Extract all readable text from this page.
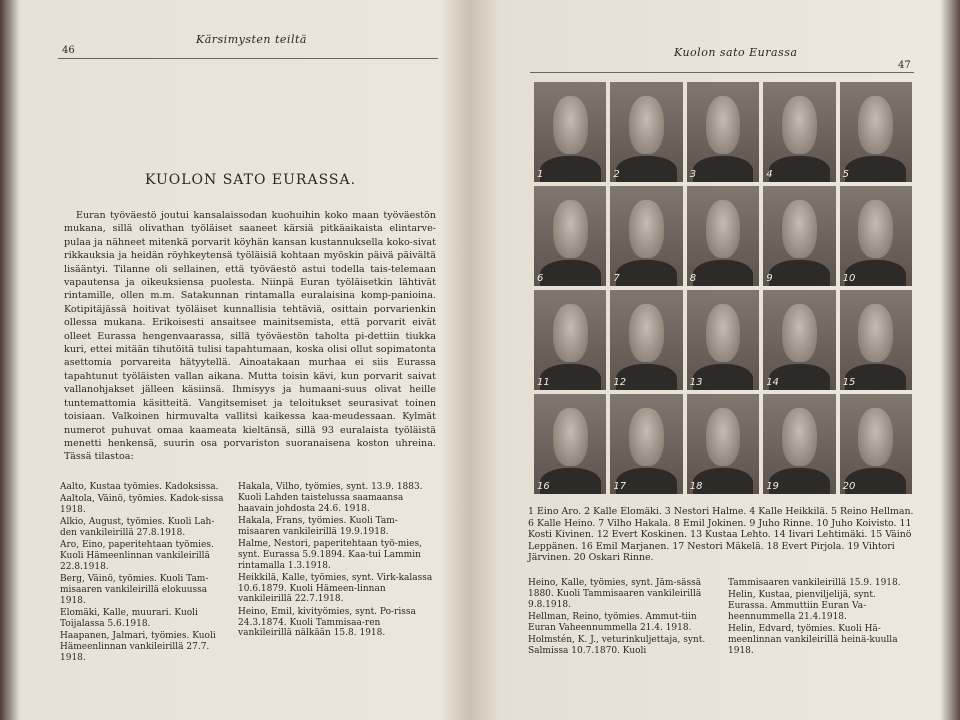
46
Kärsimysten teiltä
KUOLON SATO EURASSA.

Euran työväestö joutui kansalaissodan kuohuihin koko maan työväestön mukana, sillä olivathan työläiset saaneet kärsiä pitkäaikaista elintarve-pulaa ja nähneet mitenkä porvarit köyhän kansan kustannuksella koko-sivat rikkauksia ja heidän röyhkeytensä työläisiä kohtaan myöskin päivä päivältä lisääntyi. Tilanne oli sellainen, että työväestö astui todella tais-telemaan vapautensa ja oikeuksiensa puolesta. Niinpä Euran työläisetkin lähtivät rintamille, ollen m.m. Satakunnan rintamalla euralaisina komp-panioina. Kotipitäjässä hoitivat työläiset kunnallisia tehtäviä, osittain porvarienkin ollessa mukana. Erikoisesti ansaitsee mainitsemista, että porvarit eivät olleet Eurassa hengenvaarassa, sillä työväestön taholta pi-dettiin tiukka kuri, ettei mitään tihutöitä tulisi tapahtumaan, koska olisi ollut sopimatonta asettomia porvareita hätyytellä. Ainoatakaan murhaa ei siis Eurassa tapahtunut työläisten vallan aikana. Mutta toisin kävi, kun porvarit saivat vallanohjakset jälleen käsiinsä. Ihmisyys ja humaani-suus olivat heille tuntemattomia käsitteitä. Vangitsemiset ja teloitukset seurasivat toinen toisiaan. Valkoinen hirmuvalta vallitsi kaikessa kaa-meudessaan. Kylmät numerot puhuvat omaa kaameata kieltänsä, sillä 93 euralaista työläistä menetti henkensä, suurin osa porvariston suoranaisena koston uhreina. Tässä tilastoa:

Aalto, Kustaa työmies. Kadoksissa.
Aaltola, Väinö, työmies. Kadok-sissa 1918.
Alkio, August, työmies. Kuoli Lah-den vankileirillä 27.8.1918.
Aro, Eino, paperitehtaan työmies. Kuoli Hämeenlinnan vankileirillä 22.8.1918.
Berg, Väinö, työmies. Kuoli Tam-misaaren vankileirillä elokuussa 1918.
Elomäki, Kalle, muurari. Kuoli Toijalassa 5.6.1918.
Haapanen, Jalmari, työmies. Kuoli Hämeenlinnan vankileirillä 27.7. 1918.
Hakala, Vilho, työmies, synt. 13.9. 1883. Kuoli Lahden taistelussa saamaansa haavain johdosta 24.6. 1918.
Hakala, Frans, työmies. Kuoli Tam-misaaren vankileirillä 19.9.1918.
Halme, Nestori, paperitehtaan työ-mies, synt. Eurassa 5.9.1894. Kaa-tui Lammin rintamalla 1.3.1918.
Heikkilä, Kalle, työmies, synt. Virk-kalassa 10.6.1879. Kuoli Hämeen-linnan vankileirillä 22.7.1918.
Heino, Emil, kivityömies, synt. Po-rissa 24.3.1874. Kuoli Tammisaa-ren vankileirillä nälkään 15.8. 1918.
Kuolon sato Eurassa
47
1	2	3	4	5
6	7	8	9	10
11	12	13	14	15
16	17	18	19	20
1 Eino Aro. 2 Kalle Elomäki. 3 Nestori Halme. 4 Kalle Heikkilä. 5 Reino Hellman. 6 Kalle Heino. 7 Vilho Hakala. 8 Emil Jokinen. 9 Juho Rinne. 10 Juho Koivisto. 11 Kosti Kivinen. 12 Evert Koskinen. 13 Kustaa Lehto. 14 Iivari Lehtimäki. 15 Väinö Leppänen. 16 Emil Marjanen. 17 Nestori Mäkelä. 18 Evert Pirjola. 19 Vihtori Järvinen. 20 Oskari Rinne.
Heino, Kalle, työmies, synt. Jäm-sässä 1880. Kuoli Tammisaaren vankileirillä 9.8.1918.
Hellman, Reino, työmies. Ammut-tiin Euran Vaheennummella 21.4. 1918.
Holmstén, K. J., veturinkuljettaja, synt. Salmissa 10.7.1870. Kuoli
Tammisaaren vankileirillä 15.9. 1918.
Helin, Kustaa, pienviljelijä, synt. Eurassa. Ammuttiin Euran Va-heennummella 21.4.1918.
Helin, Edvard, työmies. Kuoli Hä-meenlinnan vankileirillä heinä-kuulla 1918.
